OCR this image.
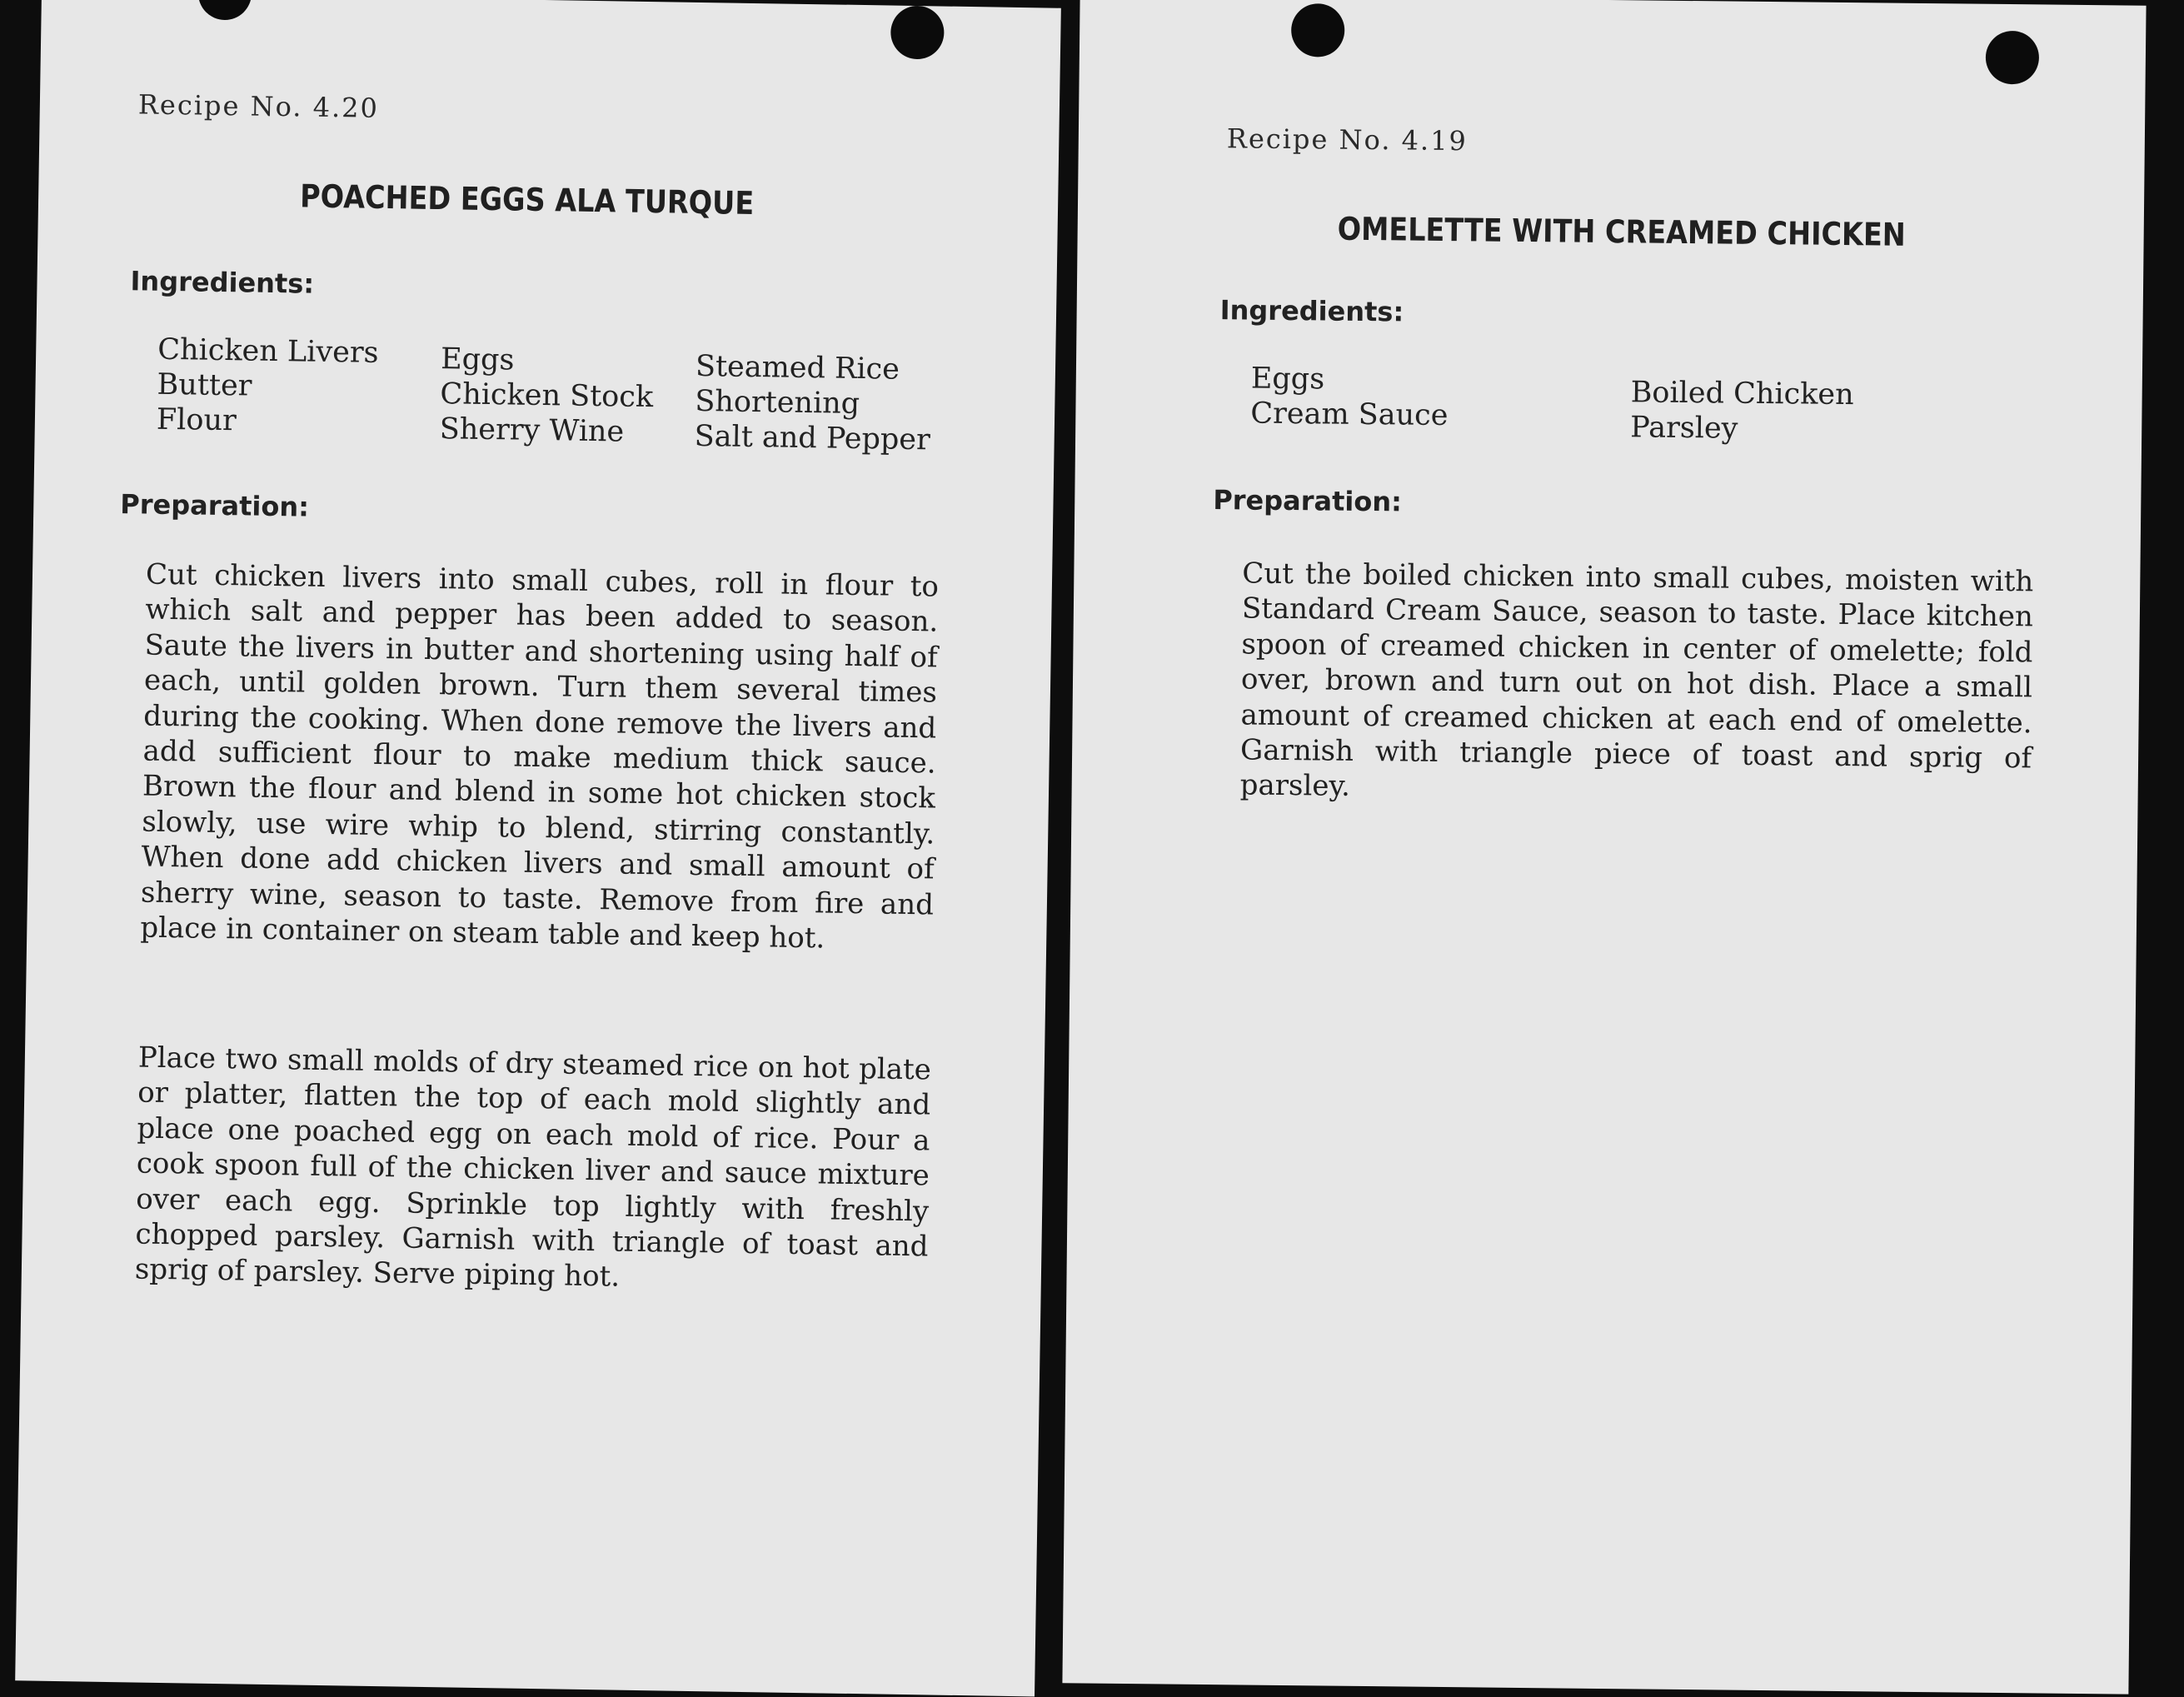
Recipe No. 4.20
POACHED EGGS ALA TURQUE
Ingredients:
Chicken Livers
Butter
Flour
Eggs
Chicken Stock
Sherry Wine
Steamed Rice
Shortening
Salt and Pepper
Preparation:

Cut chicken livers into small cubes, roll in flour to which salt and pepper has been added to season. Saute the livers in butter and shortening using half of each, until golden brown. Turn them several times during the cooking. When done remove the livers and add sufficient flour to make medium thick sauce. Brown the flour and blend in some hot chicken stock slowly, use wire whip to blend, stirring constantly. When done add chicken livers and small amount of sherry wine, season to taste. Remove from fire and place in container on steam table and keep hot.

Place two small molds of dry steamed rice on hot plate or platter, flatten the top of each mold slightly and place one poached egg on each mold of rice. Pour a cook spoon full of the chicken liver and sauce mixture over each egg. Sprinkle top lightly with freshly chopped parsley. Garnish with triangle of toast and sprig of parsley. Serve piping hot.

Recipe No. 4.19
OMELETTE WITH CREAMED CHICKEN
Ingredients:
Eggs
Cream Sauce
Boiled Chicken
Parsley
Preparation:

Cut the boiled chicken into small cubes, moisten with Standard Cream Sauce, season to taste. Place kitchen spoon of creamed chicken in center of omelette; fold over, brown and turn out on hot dish. Place a small amount of creamed chicken at each end of omelette. Garnish with triangle piece of toast and sprig of parsley.
